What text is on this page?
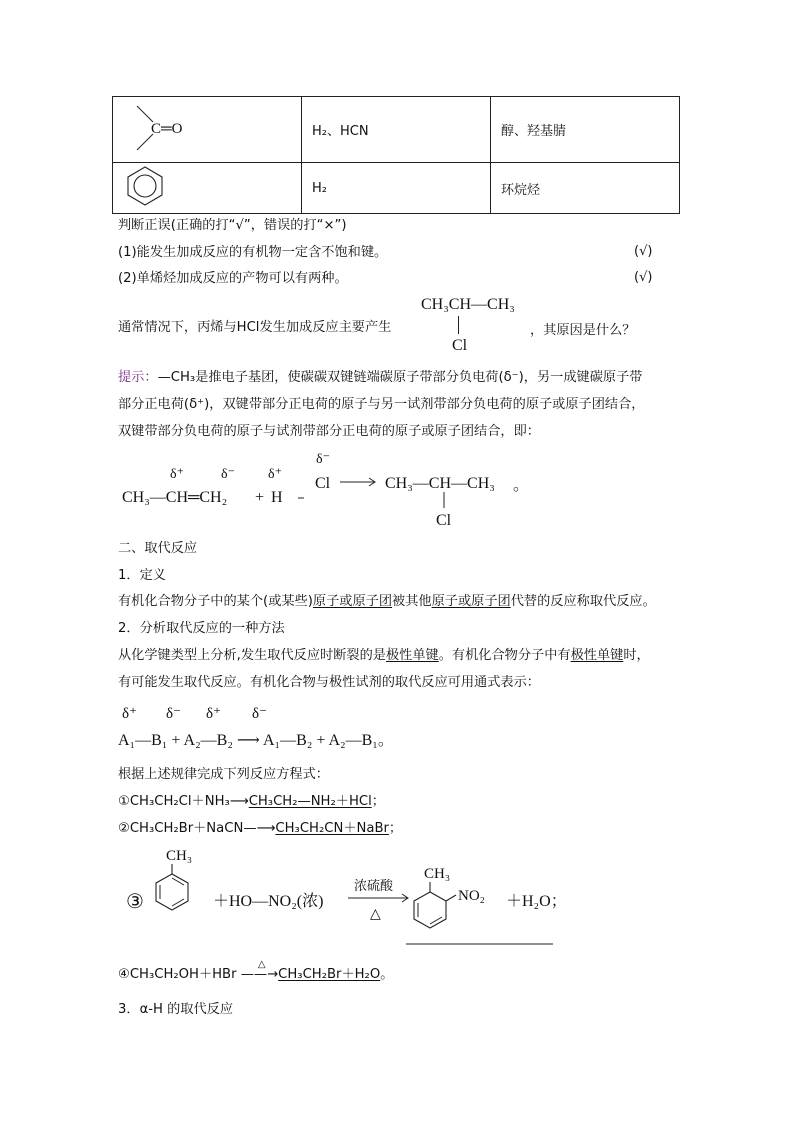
C═O	H₂、HCN	醇、羟基腈
	H₂	环烷烃
判断正误(正确的打“√”，错误的打“×”)
(1)能发生加成反应的有机物一定含不饱和键。	(√)
(2)单烯烃加成反应的产物可以有两种。	(√)
通常情况下，丙烯与HCl发生加成反应主要产生
CH₃CH—CH₃
Cl
，其原因是什么？
提示：—CH₃是推电子基团，使碳碳双键链端碳原子带部分负电荷(δ⁻)，另一成键碳原子带
部分正电荷(δ⁺)，双键带部分正电荷的原子与另一试剂带部分负电荷的原子或原子团结合，
双键带部分负电荷的原子与试剂带部分正电荷的原子或原子团结合，即：
δ⁺	δ⁻ δ⁺
δ⁻
CH₃—CH═CH₂ + H
Cl	CH₃—CH—CH₃
Cl
。
二、取代反应
1．定义
有机化合物分子中的某个(或某些)原子或原子团被其他原子或原子团代替的反应称取代反应。
2．分析取代反应的一种方法
从化学键类型上分析,发生取代反应时断裂的是极性单键。有机化合物分子中有极性单键时，
有可能发生取代反应。有机化合物与极性试剂的取代反应可用通式表示：
δ⁺ δ⁻ δ⁺ δ⁻
A₁—B₁ + A₂—B₂ ⟶ A₁—B₂ + A₂—B₁。
根据上述规律完成下列反应方程式：
①CH₃CH₂Cl＋NH₃⟶CH₃CH₂—NH₂＋HCl；
②CH₃CH₂Br＋NaCN—⟶CH₃CH₂CN＋NaBr；
③
CH₃
＋HO—NO₂(浓)
浓硫酸
△
CH₃
NO₂ ＋H₂O；
④CH₃CH₂OH＋HBr —
△
—→CH₃CH₂Br＋H₂O。
3．α-H 的取代反应
